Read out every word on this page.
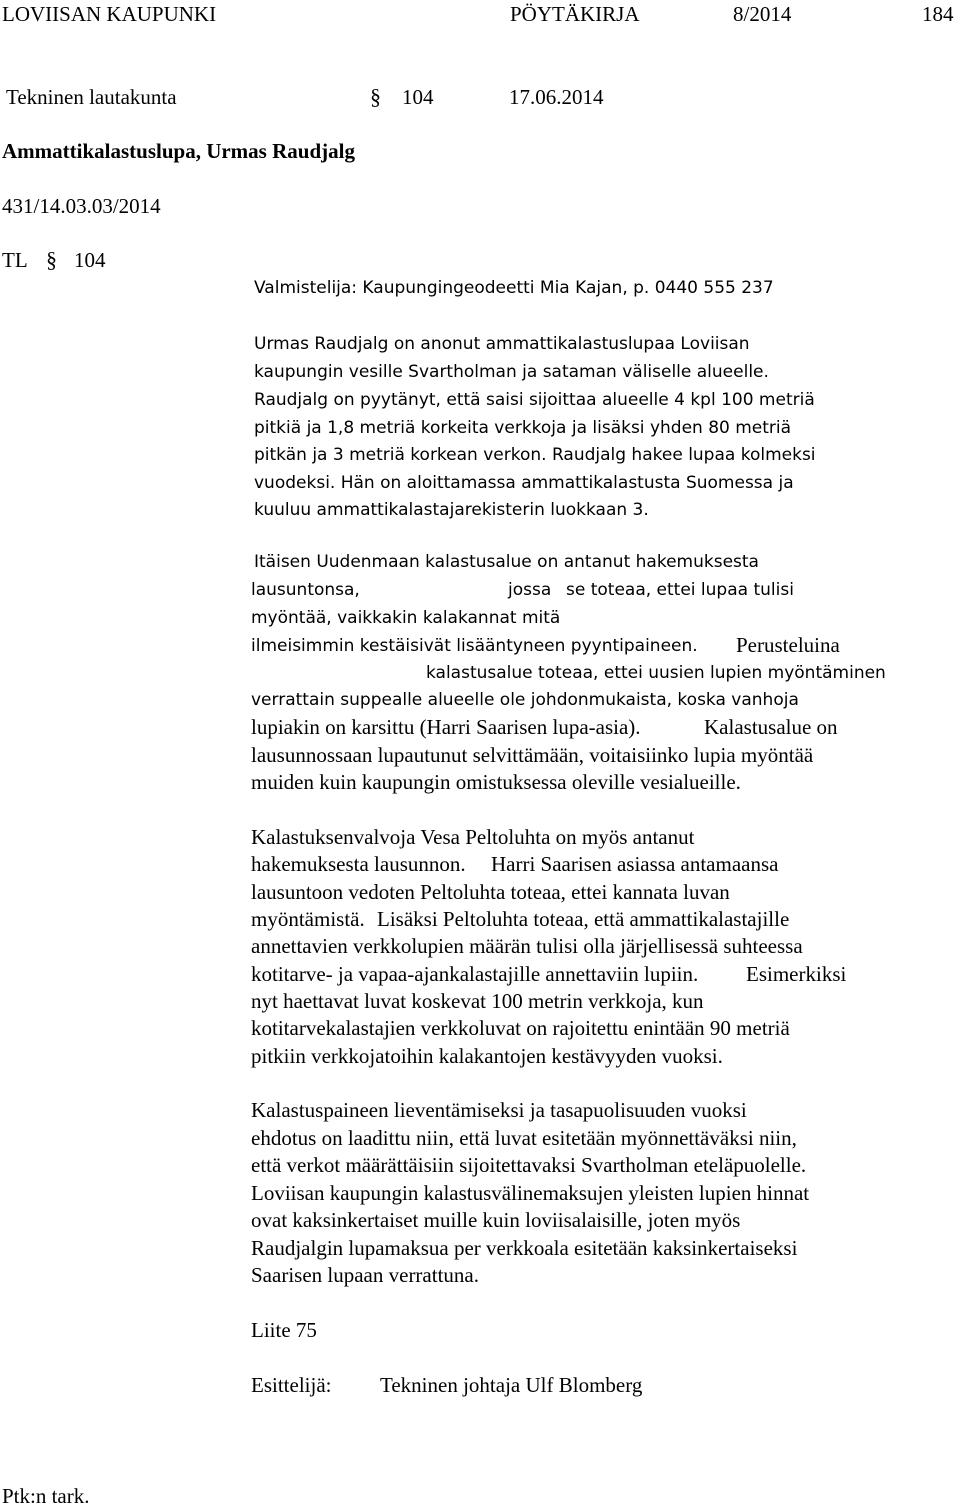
LOVIISAN KAUPUNKI	PÖYTÄKIRJA	8/2014	184
Tekninen lautakunta	§ 104	17.06.2014
Ammattikalastuslupa, Urmas Raudjalg
431/14.03.03/2014
TL § 104
Valmistelija: Kaupungingeodeetti Mia Kajan, p. 0440 555 237
Urmas Raudjalg on anonut ammattikalastuslupaa Loviisan
kaupungin vesille Svartholman ja sataman väliselle alueelle.
Raudjalg on pyytänyt, että saisi sijoittaa alueelle 4 kpl 100 metriä
pitkiä ja 1,8 metriä korkeita verkkoja ja lisäksi yhden 80 metriä
pitkän ja 3 metriä korkean verkon. Raudjalg hakee lupaa kolmeksi
vuodeksi. Hän on aloittamassa ammattikalastusta Suomessa ja
kuuluu ammattikalastajarekisterin luokkaan 3.
Itäisen Uudenmaan kalastusalue on antanut hakemuksesta
lausuntonsa,	jossa se toteaa, ettei lupaa tulisi
myöntää, vaikkakin kalakannat mitä
ilmeisimmin kestäisivät lisääntyneen pyyntipaineen. Perusteluina
kalastusalue toteaa, ettei uusien lupien myöntäminen
verrattain suppealle alueelle ole johdonmukaista, koska vanhoja
lupiakin on karsittu (Harri Saarisen lupa-asia).	Kalastusalue on
lausunnossaan lupautunut selvittämään, voitaisiinko lupia myöntää
muiden kuin kaupungin omistuksessa oleville vesialueille.
Kalastuksenvalvoja Vesa Peltoluhta on myös antanut
hakemuksesta lausunnon. Harri Saarisen asiassa antamaansa
lausuntoon vedoten Peltoluhta toteaa, ettei kannata luvan
myöntämistä. Lisäksi Peltoluhta toteaa, että ammattikalastajille
annettavien verkkolupien määrän tulisi olla järjellisessä suhteessa
kotitarve- ja vapaa-ajankalastajille annettaviin lupiin. Esimerkiksi
nyt haettavat luvat koskevat 100 metrin verkkoja, kun
kotitarvekalastajien verkkoluvat on rajoitettu enintään 90 metriä
pitkiin verkkojatoihin kalakantojen kestävyyden vuoksi.
Kalastuspaineen lieventämiseksi ja tasapuolisuuden vuoksi
ehdotus on laadittu niin, että luvat esitetään myönnettäväksi niin,
että verkot määrättäisiin sijoitettavaksi Svartholman eteläpuolelle.
Loviisan kaupungin kalastusvälinemaksujen yleisten lupien hinnat
ovat kaksinkertaiset muille kuin loviisalaisille, joten myös
Raudjalgin lupamaksua per verkkoala esitetään kaksinkertaiseksi
Saarisen lupaan verrattuna.
Liite 75
Esittelijä: Tekninen johtaja Ulf Blomberg
Ptk:n tark.
